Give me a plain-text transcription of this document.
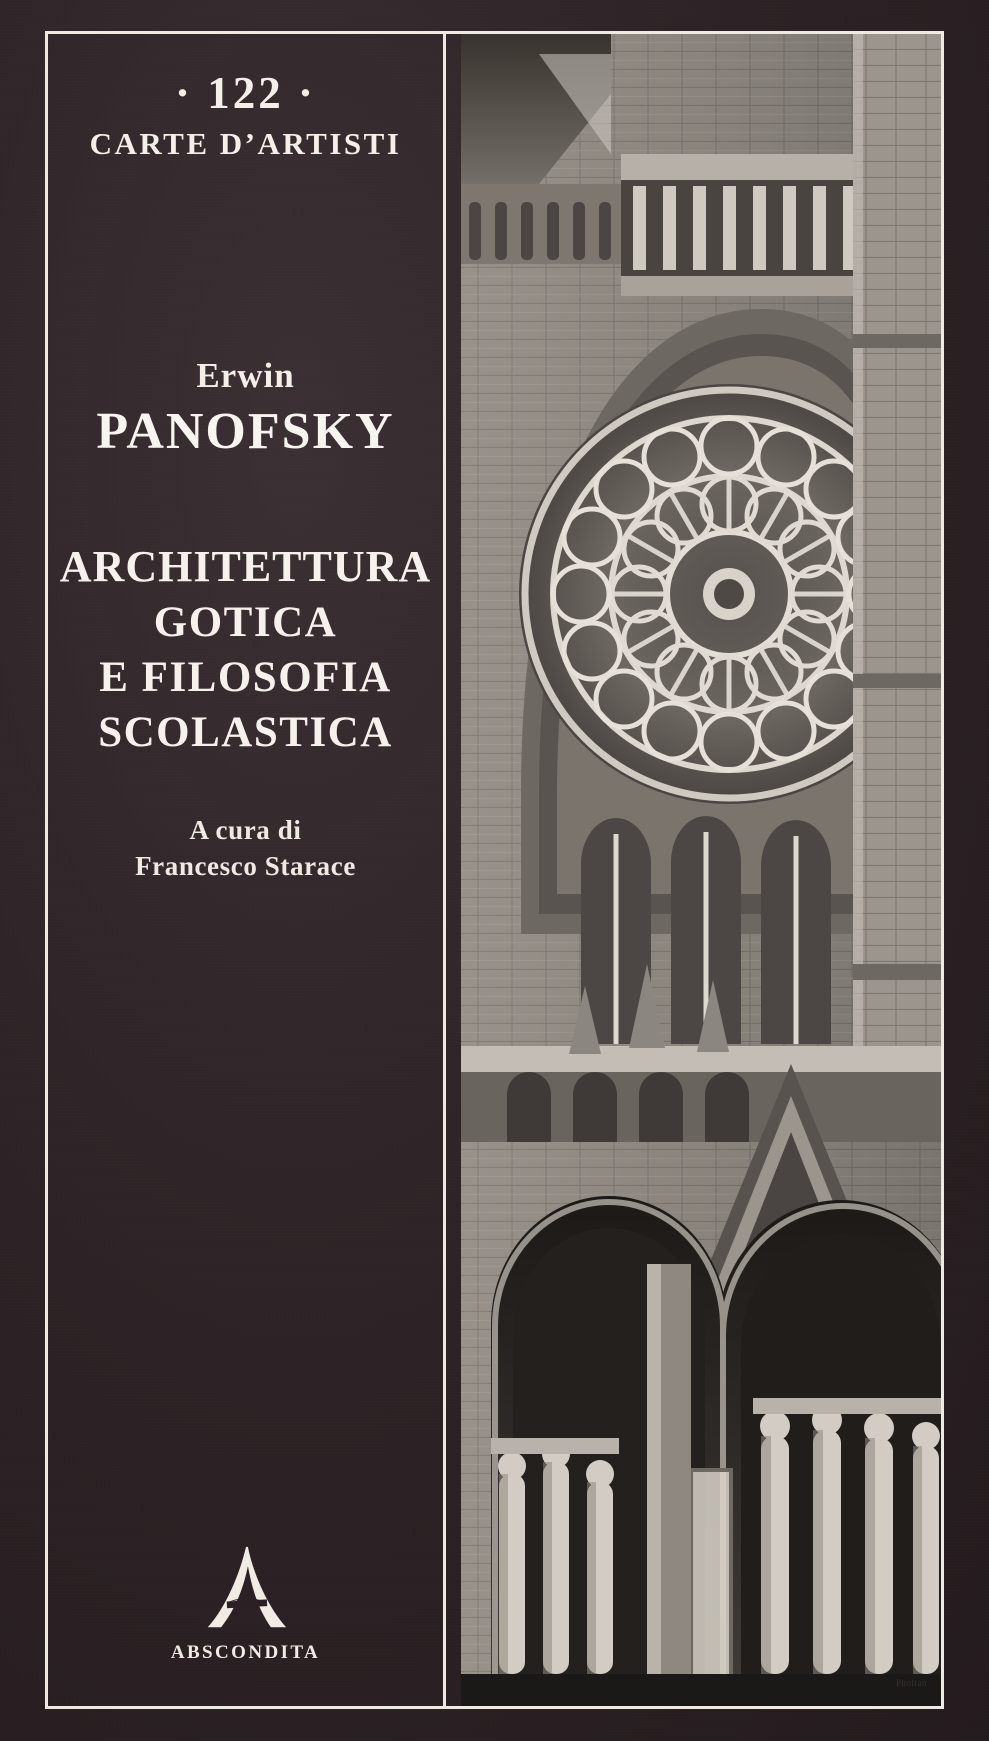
· 122 ·
CARTE D’ARTISTI
Erwin
PANOFSKY
ARCHITETTURA
GOTICA
E FILOSOFIA
SCOLASTICA
A cura di
Francesco Starace
ABSCONDITA
Pholtan
